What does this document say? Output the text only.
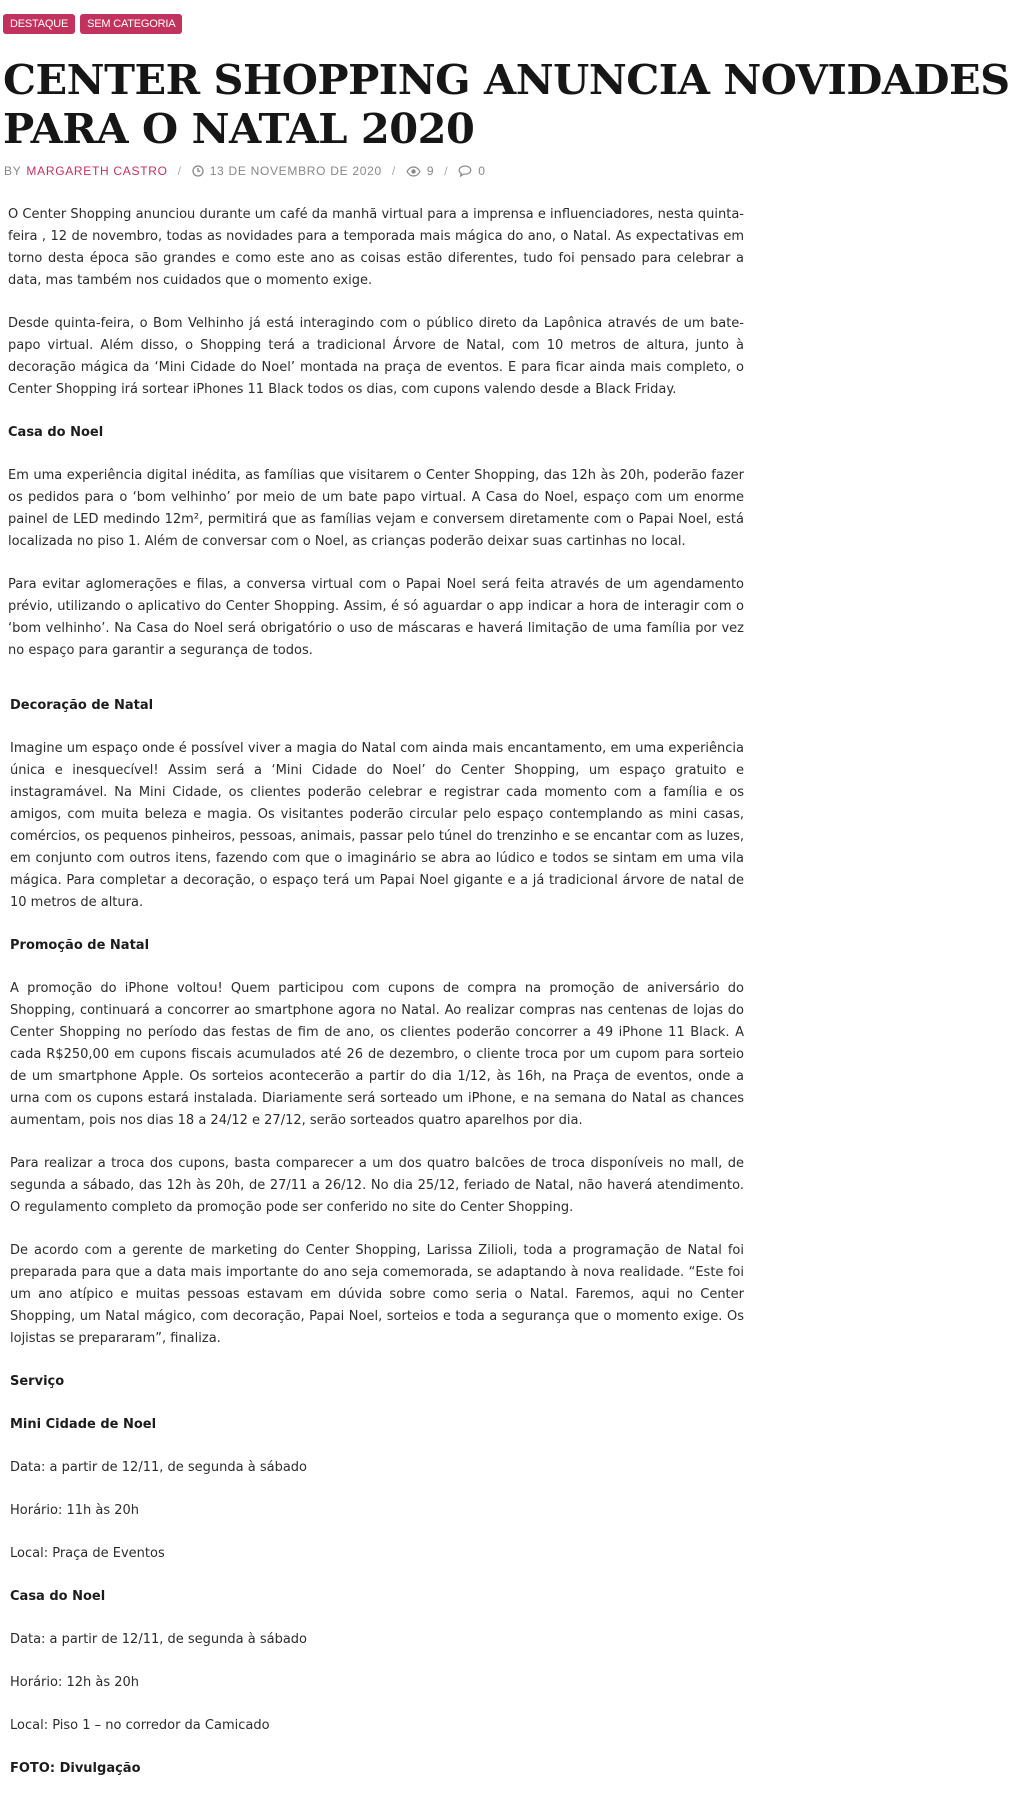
DESTAQUE	SEM CATEGORIA
CENTER SHOPPING ANUNCIA NOVIDADES PARA O NATAL 2020
BY MARGARETH CASTRO / 13 DE NOVEMBRO DE 2020 /	9 /	0

O Center Shopping anunciou durante um café da manhã virtual para a imprensa e influenciadores, nesta quinta-feira , 12 de novembro, todas as novidades para a temporada mais mágica do ano, o Natal. As expectativas em torno desta época são grandes e como este ano as coisas estão diferentes, tudo foi pensado para celebrar a data, mas também nos cuidados que o momento exige.

Desde quinta-feira, o Bom Velhinho já está interagindo com o público direto da Lapônica através de um bate-papo virtual. Além disso, o Shopping terá a tradicional Árvore de Natal, com 10 metros de altura, junto à decoração mágica da ‘Mini Cidade do Noel’ montada na praça de eventos. E para ficar ainda mais completo, o Center Shopping irá sortear iPhones 11 Black todos os dias, com cupons valendo desde a Black Friday.

Casa do Noel

Em uma experiência digital inédita, as famílias que visitarem o Center Shopping, das 12h às 20h, poderão fazer os pedidos para o ‘bom velhinho’ por meio de um bate papo virtual. A Casa do Noel, espaço com um enorme painel de LED medindo 12m², permitirá que as famílias vejam e conversem diretamente com o Papai Noel, está localizada no piso 1. Além de conversar com o Noel, as crianças poderão deixar suas cartinhas no local.

Para evitar aglomerações e filas, a conversa virtual com o Papai Noel será feita através de um agendamento prévio, utilizando o aplicativo do Center Shopping. Assim, é só aguardar o app indicar a hora de interagir com o ‘bom velhinho’. Na Casa do Noel será obrigatório o uso de máscaras e haverá limitação de uma família por vez no espaço para garantir a segurança de todos.

Decoração de Natal

Imagine um espaço onde é possível viver a magia do Natal com ainda mais encantamento, em uma experiência única e inesquecível! Assim será a ‘Mini Cidade do Noel’ do Center Shopping, um espaço gratuito e instagramável. Na Mini Cidade, os clientes poderão celebrar e registrar cada momento com a família e os amigos, com muita beleza e magia. Os visitantes poderão circular pelo espaço contemplando as mini casas, comércios, os pequenos pinheiros, pessoas, animais, passar pelo túnel do trenzinho e se encantar com as luzes, em conjunto com outros itens, fazendo com que o imaginário se abra ao lúdico e todos se sintam em uma vila mágica. Para completar a decoração, o espaço terá um Papai Noel gigante e a já tradicional árvore de natal de 10 metros de altura.

Promoção de Natal

A promoção do iPhone voltou! Quem participou com cupons de compra na promoção de aniversário do Shopping, continuará a concorrer ao smartphone agora no Natal. Ao realizar compras nas centenas de lojas do Center Shopping no período das festas de fim de ano, os clientes poderão concorrer a 49 iPhone 11 Black. A cada R$250,00 em cupons fiscais acumulados até 26 de dezembro, o cliente troca por um cupom para sorteio de um smartphone Apple. Os sorteios acontecerão a partir do dia 1/12, às 16h, na Praça de eventos, onde a urna com os cupons estará instalada. Diariamente será sorteado um iPhone, e na semana do Natal as chances aumentam, pois nos dias 18 a 24/12 e 27/12, serão sorteados quatro aparelhos por dia.

Para realizar a troca dos cupons, basta comparecer a um dos quatro balcões de troca disponíveis no mall, de segunda a sábado, das 12h às 20h, de 27/11 a 26/12. No dia 25/12, feriado de Natal, não haverá atendimento. O regulamento completo da promoção pode ser conferido no site do Center Shopping.

De acordo com a gerente de marketing do Center Shopping, Larissa Zilioli, toda a programação de Natal foi preparada para que a data mais importante do ano seja comemorada, se adaptando à nova realidade. “Este foi um ano atípico e muitas pessoas estavam em dúvida sobre como seria o Natal. Faremos, aqui no Center Shopping, um Natal mágico, com decoração, Papai Noel, sorteios e toda a segurança que o momento exige. Os lojistas se prepararam”, finaliza.

Serviço
Mini Cidade de Noel

Data: a partir de 12/11, de segunda à sábado

Horário: 11h às 20h

Local: Praça de Eventos

Casa do Noel

Data: a partir de 12/11, de segunda à sábado

Horário: 12h às 20h

Local: Piso 1 – no corredor da Camicado

FOTO: Divulgação
